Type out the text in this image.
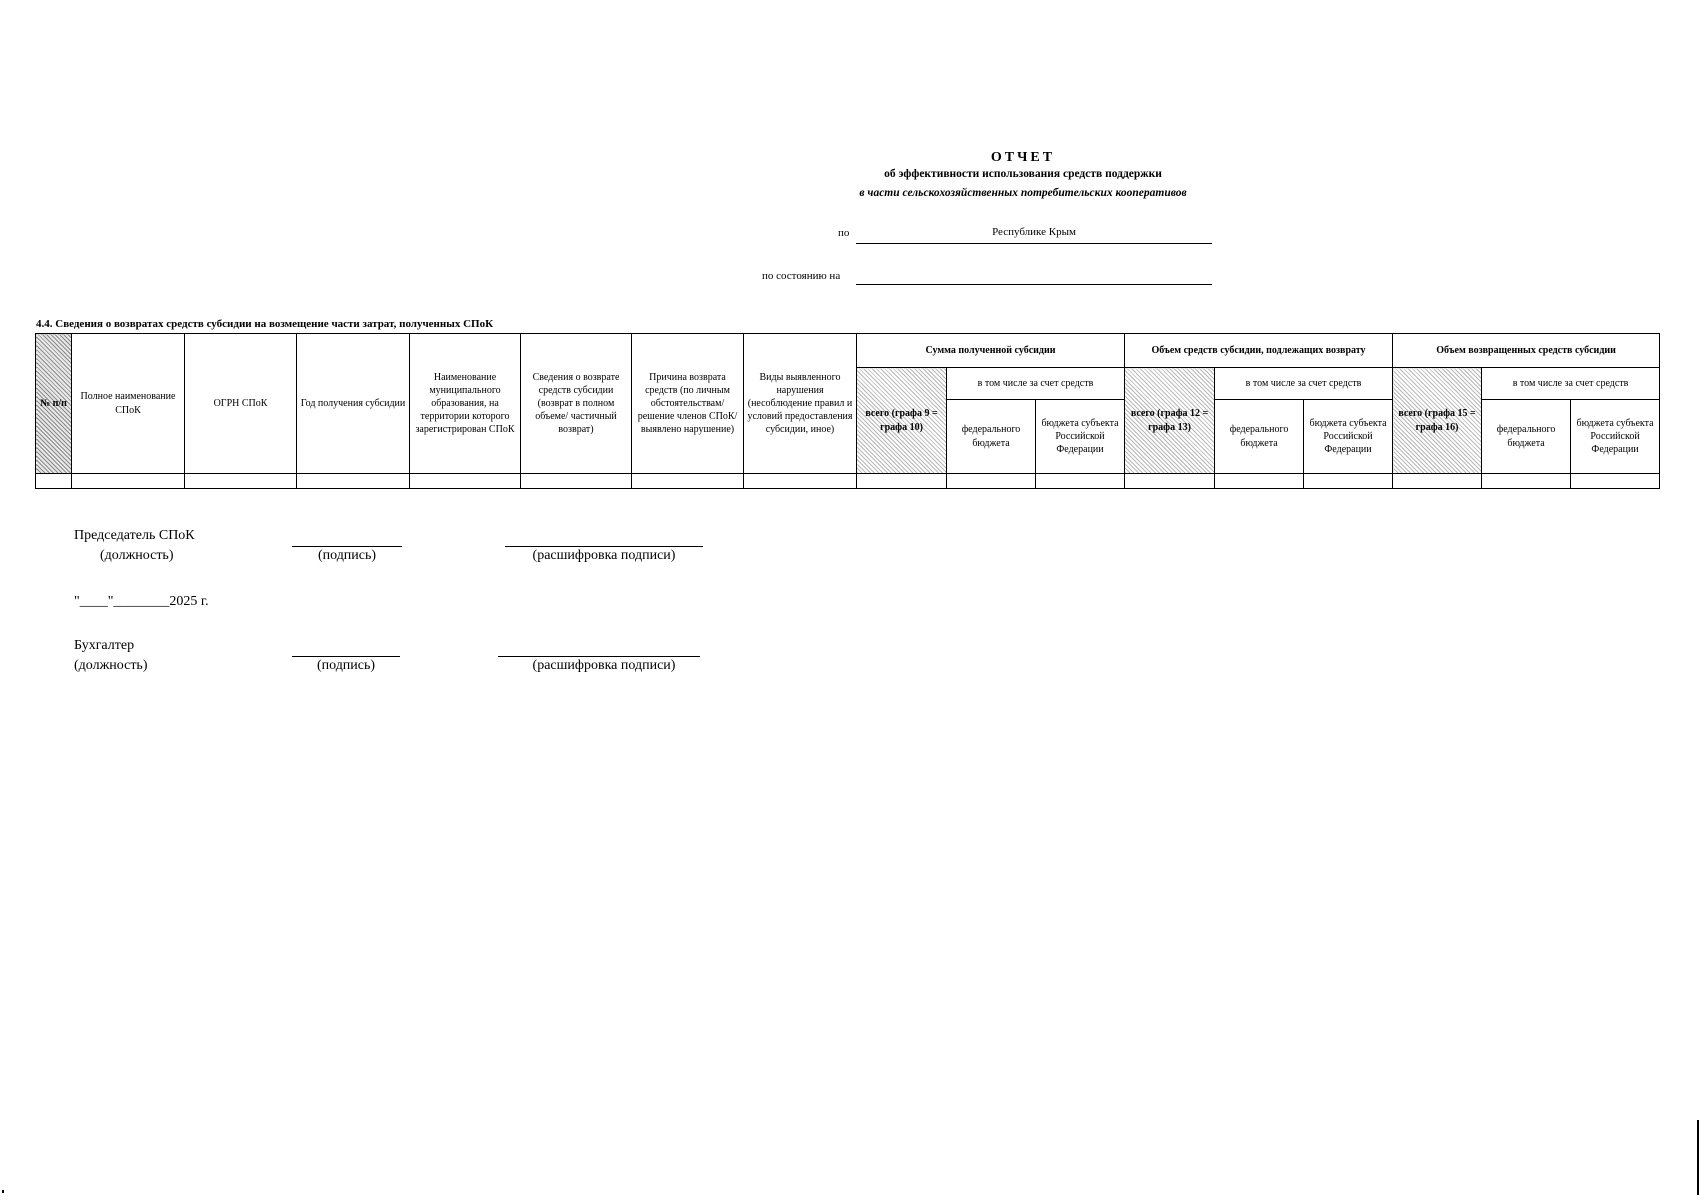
ОТЧЕТ
об эффективности использования средств поддержки
в части сельскохозяйственных потребительских кооперативов
по	Республике Крым
по состоянию на
4.4. Сведения о возвратах средств субсидии на возмещение части затрат, полученных СПоК
№ п/п	Полное наименование СПоК	ОГРН СПоК	Год получения субсидии	Наименование муниципального образования, на территории которого зарегистрирован СПоК	Сведения о возврате средств субсидии (возврат в полном объеме/ частичный возврат)	Причина возврата средств (по личным обстоятельствам/ решение членов СПоК/ выявлено нарушение)	Виды выявленного нарушения (несоблюдение правил и условий предоставления субсидии, иное)	Сумма полученной субсидии			Объем средств субсидии, подлежащих возврату			Объем возвращенных средств субсидии		
								всего (графа 9 = графа 10)	в том числе за счет средств		всего (графа 12 = графа 13)	в том числе за счет средств		всего (графа 15 = графа 16)	в том числе за счет средств	
									федерального бюджета	бюджета субъекта Российской Федерации		федерального бюджета	бюджета субъекта Российской Федерации		федерального бюджета	бюджета субъекта Российской Федерации

Председатель СПоК
(должность)	(подпись)	(расшифровка подписи)
"____"________2025 г.
Бухгалтер
(должность)	(подпись)	(расшифровка подписи)
